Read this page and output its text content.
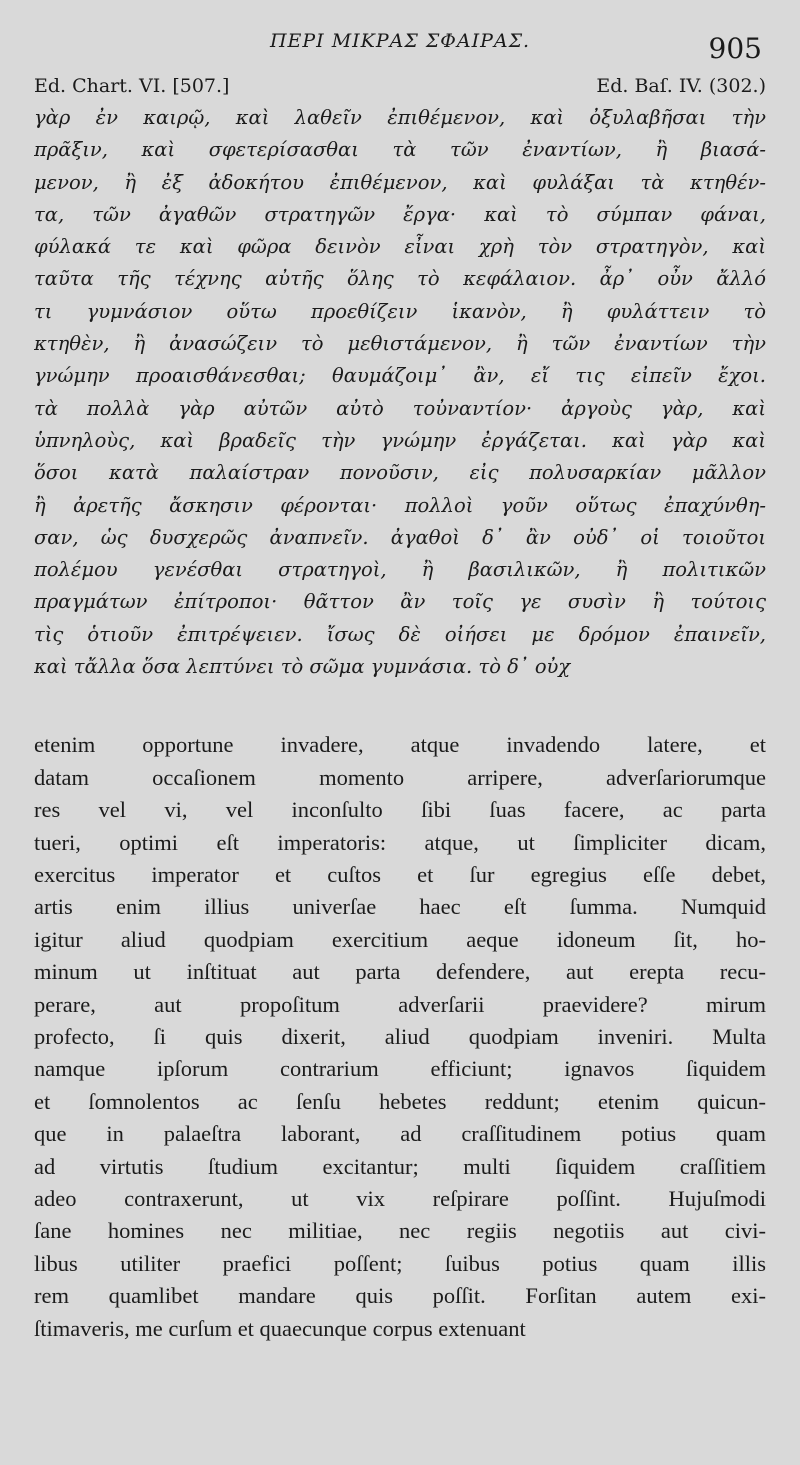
ΠΕΡΙ ΜΙΚΡΑΣ ΣΦΑΙΡΑΣ.	905
Ed. Chart. VI. [507.]	Ed. Baſ. IV. (302.)
γὰρ ἐν καιρῷ, καὶ λαθεῖν ἐπιθέμενον, καὶ ὀξυλαβῆσαι τὴν
πρᾶξιν, καὶ σφετερίσασθαι τὰ τῶν ἐναντίων, ἢ βιασά-
μενον, ἢ ἐξ ἀδοκήτου ἐπιθέμενον, καὶ φυλάξαι τὰ κτηθέν-
τα, τῶν ἀγαθῶν στρατηγῶν ἔργα· καὶ τὸ σύμπαν φάναι,
φύλακά τε καὶ φῶρα δεινὸν εἶναι χρὴ τὸν στρατηγὸν, καὶ
ταῦτα τῆς τέχνης αὐτῆς ὅλης τὸ κεφάλαιον. ἆρ᾽ οὖν ἄλλό
τι γυμνάσιον οὕτω προεθίζειν ἱκανὸν, ἢ φυλάττειν τὸ
κτηθὲν, ἢ ἀνασώζειν τὸ μεθιστάμενον, ἢ τῶν ἐναντίων τὴν
γνώμην προαισθάνεσθαι; θαυμάζοιμ᾽ ἂν, εἴ τις εἰπεῖν ἔχοι.
τὰ πολλὰ γὰρ αὐτῶν αὐτὸ τοὐναντίον· ἀργοὺς γὰρ, καὶ
ὑπνηλοὺς, καὶ βραδεῖς τὴν γνώμην ἐργάζεται. καὶ γὰρ καὶ
ὅσοι κατὰ παλαίστραν πονοῦσιν, εἰς πολυσαρκίαν μᾶλλον
ἢ ἀρετῆς ἄσκησιν φέρονται· πολλοὶ γοῦν οὕτως ἐπαχύνθη-
σαν, ὡς δυσχερῶς ἀναπνεῖν. ἀγαθοὶ δ᾽ ἂν οὐδ᾽ οἱ τοιοῦτοι
πολέμου γενέσθαι στρατηγοὶ, ἢ βασιλικῶν, ἢ πολιτικῶν
πραγμάτων ἐπίτροποι· θᾶττον ἂν τοῖς γε συσὶν ἢ τούτοις
τὶς ὁτιοῦν ἐπιτρέψειεν. ἴσως δὲ οἰήσει με δρόμον ἐπαινεῖν,
καὶ τἄλλα ὅσα λεπτύνει τὸ σῶμα γυμνάσια. τὸ δ᾽ οὐχ
etenim opportune invadere, atque invadendo latere, et
datam occaſionem momento arripere, adverſariorumque
res vel vi, vel inconſulto ſibi ſuas facere, ac parta
tueri, optimi eſt imperatoris: atque, ut ſimpliciter dicam,
exercitus imperator et cuſtos et ſur egregius eſſe debet,
artis enim illius univerſae haec eſt ſumma. Numquid
igitur aliud quodpiam exercitium aeque idoneum ſit, ho-
minum ut inſtituat aut parta defendere, aut erepta recu-
perare, aut propoſitum adverſarii praevidere? mirum
profecto, ſi quis dixerit, aliud quodpiam inveniri. Multa
namque ipſorum contrarium efficiunt; ignavos ſiquidem
et ſomnolentos ac ſenſu hebetes reddunt; etenim quicun-
que in palaeſtra laborant, ad craſſitudinem potius quam
ad virtutis ſtudium excitantur; multi ſiquidem craſſitiem
adeo contraxerunt, ut vix reſpirare poſſint. Hujuſmodi
ſane homines nec militiae, nec regiis negotiis aut civi-
libus utiliter praefici poſſent; ſuibus potius quam illis
rem quamlibet mandare quis poſſit. Forſitan autem exi-
ſtimaveris, me curſum et quaecunque corpus extenuant
